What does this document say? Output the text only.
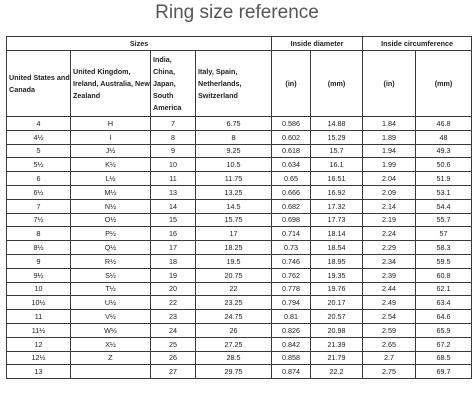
Ring size reference
Sizes				Inside diameter		Inside circumference	
United States and Canada	United Kingdom, Ireland, Australia, New Zealand	India, China, Japan, South America	Italy, Spain, Netherlands, Switzerland	(in)	(mm)	(in)	(mm)
4	H	7	6.75	0.586	14.88	1.84	46.8
4½	I	8	8	0.602	15.29	1.89	48
5	J½	9	9.25	0.618	15.7	1.94	49.3
5½	K½	10	10.5	0.634	16.1	1.99	50.6
6	L½	11	11.75	0.65	16.51	2.04	51.9
6½	M½	13	13.25	0.666	16.92	2.09	53.1
7	N½	14	14.5	0.682	17.32	2.14	54.4
7½	O½	15	15.75	0.698	17.73	2.19	55.7
8	P½	16	17	0.714	18.14	2.24	57
8½	Q½	17	18.25	0.73	18.54	2.29	58.3
9	R½	18	19.5	0.746	18.95	2.34	59.5
9½	S½	19	20.75	0.762	19.35	2.39	60.8
10	T½	20	22	0.778	19.76	2.44	62.1
10½	U½	22	23.25	0.794	20.17	2.49	63.4
11	V½	23	24.75	0.81	20.57	2.54	64.6
11½	W½	24	26	0.826	20.98	2.59	65.9
12	X½	25	27.25	0.842	21.39	2.65	67.2
12½	Z	26	28.5	0.858	21.79	2.7	68.5
13		27	29.75	0.874	22.2	2.75	69.7
